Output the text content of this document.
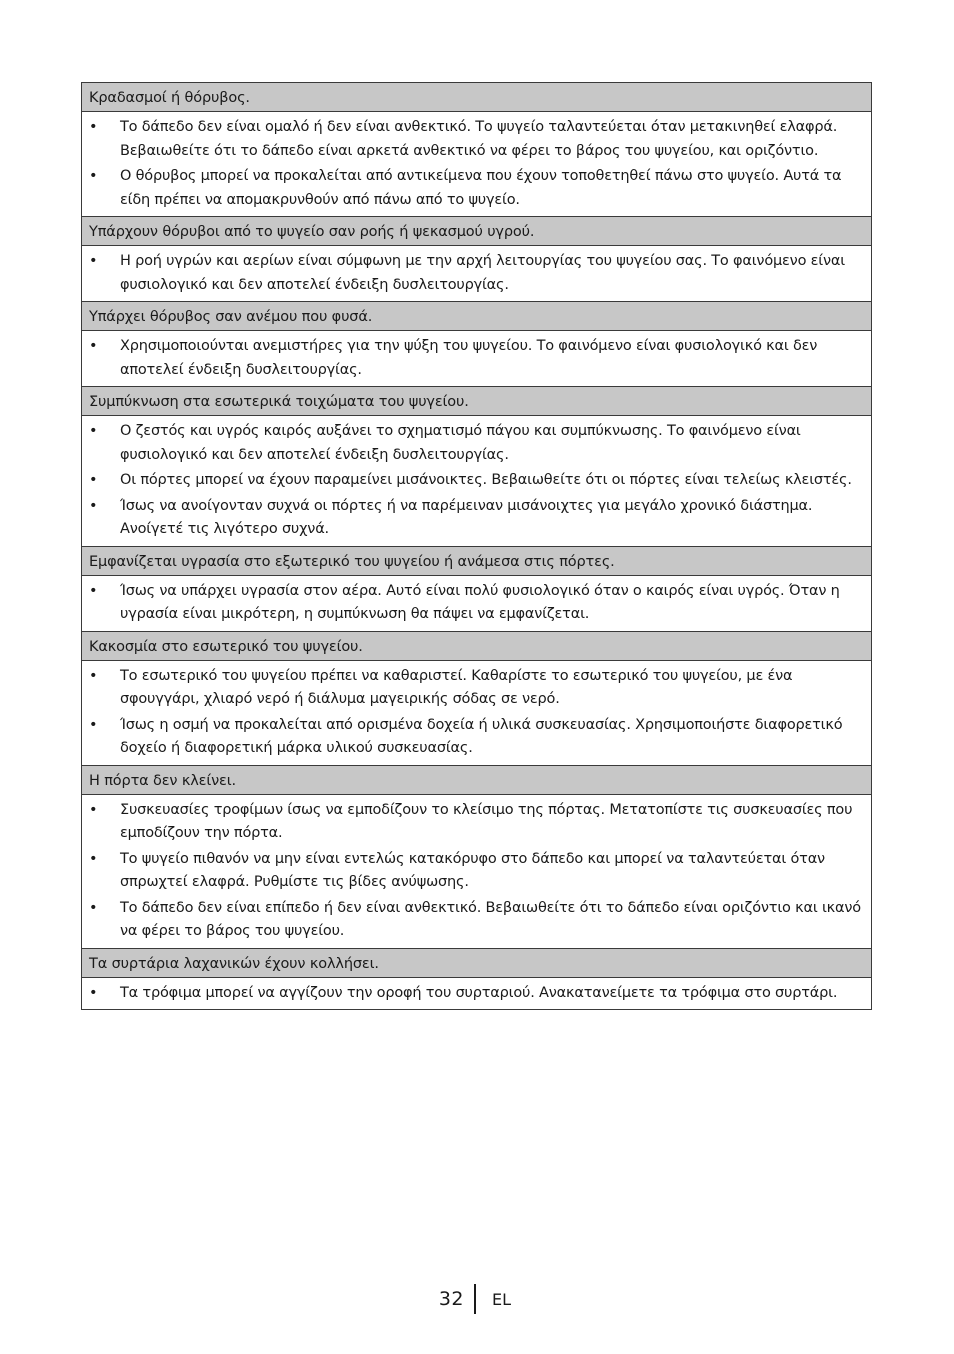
Κραδασμοί ή θόρυβος.
•	Το δάπεδο δεν είναι ομαλό ή δεν είναι ανθεκτικό. Το ψυγείο ταλαντεύεται όταν μετακινηθεί ελαφρά. Βεβαιωθείτε ότι το δάπεδο είναι αρκετά ανθεκτικό να φέρει το βάρος του ψυγείου, και οριζόντιο.
•	Ο θόρυβος μπορεί να προκαλείται από αντικείμενα που έχουν τοποθετηθεί πάνω στο ψυγείο. Αυτά τα είδη πρέπει να απομακρυνθούν από πάνω από το ψυγείο.
Υπάρχουν θόρυβοι από το ψυγείο σαν ροής ή ψεκασμού υγρού.
•	Η ροή υγρών και αερίων είναι σύμφωνη με την αρχή λειτουργίας του ψυγείου σας. Το φαινόμενο είναι φυσιολογικό και δεν αποτελεί ένδειξη δυσλειτουργίας.
Υπάρχει θόρυβος σαν ανέμου που φυσά.
•	Χρησιμοποιούνται ανεμιστήρες για την ψύξη του ψυγείου. Το φαινόμενο είναι φυσιολογικό και δεν αποτελεί ένδειξη δυσλειτουργίας.
Συμπύκνωση στα εσωτερικά τοιχώματα του ψυγείου.
•	Ο ζεστός και υγρός καιρός αυξάνει το σχηματισμό πάγου και συμπύκνωσης. Το φαινόμενο είναι φυσιολογικό και δεν αποτελεί ένδειξη δυσλειτουργίας.
•	Οι πόρτες μπορεί να έχουν παραμείνει μισάνοικτες. Βεβαιωθείτε ότι οι πόρτες είναι τελείως κλειστές.
•	Ίσως να ανοίγονταν συχνά οι πόρτες ή να παρέμειναν μισάνοιχτες για μεγάλο χρονικό διάστημα. Ανοίγετέ τις λιγότερο συχνά.
Εμφανίζεται υγρασία στο εξωτερικό του ψυγείου ή ανάμεσα στις πόρτες.
•	Ίσως να υπάρχει υγρασία στον αέρα. Αυτό είναι πολύ φυσιολογικό όταν ο καιρός είναι υγρός. Όταν η υγρασία είναι μικρότερη, η συμπύκνωση θα πάψει να εμφανίζεται.
Κακοσμία στο εσωτερικό του ψυγείου.
•	Το εσωτερικό του ψυγείου πρέπει να καθαριστεί. Καθαρίστε το εσωτερικό του ψυγείου, με ένα σφουγγάρι, χλιαρό νερό ή διάλυμα μαγειρικής σόδας σε νερό.
•	Ίσως η οσμή να προκαλείται από ορισμένα δοχεία ή υλικά συσκευασίας. Χρησιμοποιήστε διαφορετικό δοχείο ή διαφορετική μάρκα υλικού συσκευασίας.
Η πόρτα δεν κλείνει.
•	Συσκευασίες τροφίμων ίσως να εμποδίζουν το κλείσιμο της πόρτας. Μετατοπίστε τις συσκευασίες που εμποδίζουν την πόρτα.
•	Το ψυγείο πιθανόν να μην είναι εντελώς κατακόρυφο στο δάπεδο και μπορεί να ταλαντεύεται όταν σπρωχτεί ελαφρά. Ρυθμίστε τις βίδες ανύψωσης.
•	Το δάπεδο δεν είναι επίπεδο ή δεν είναι ανθεκτικό. Βεβαιωθείτε ότι το δάπεδο είναι οριζόντιο και ικανό να φέρει το βάρος του ψυγείου.
Τα συρτάρια λαχανικών έχουν κολλήσει.
•	Τα τρόφιμα μπορεί να αγγίζουν την οροφή του συρταριού. Ανακατανείμετε τα τρόφιμα στο συρτάρι.
32 EL
